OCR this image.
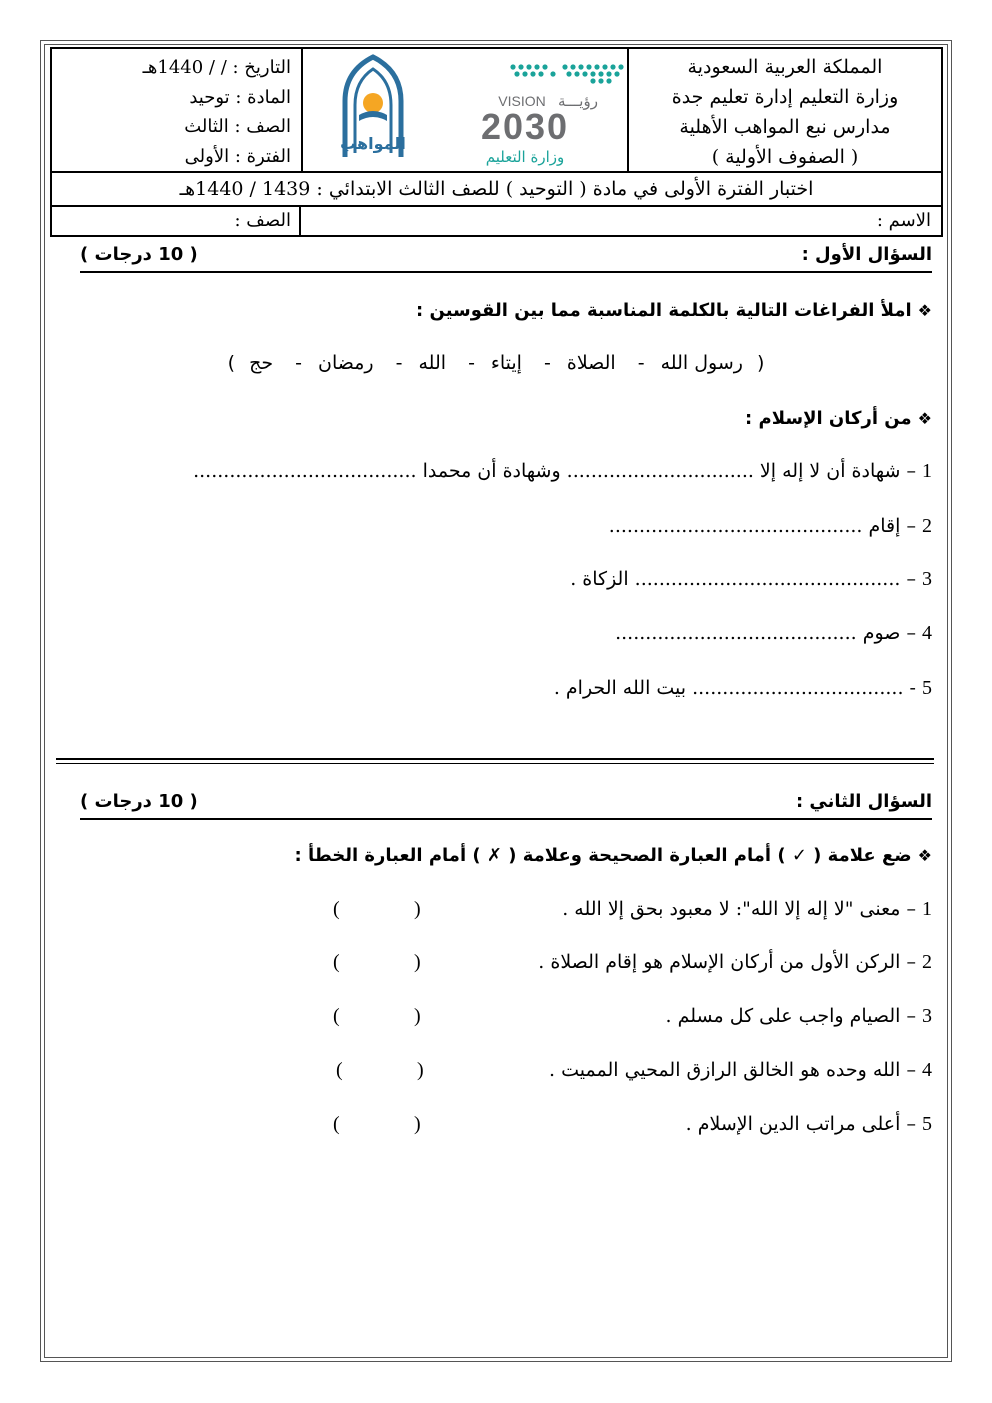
المملكة العربية السعودية
وزارة التعليم إدارة تعليم جدة
مدارس نبع المواهب الأهلية
( الصفوف الأولية )
VISION رؤيـــة
2030
وزارة التعليم
المواهب
التاريخ : / / 1440هـ
المادة : توحيد
الصف : الثالث
الفترة : الأولى
اختبار الفترة الأولى في مادة ( التوحيد ) للصف الثالث الابتدائي : 1439 / 1440هـ
الاسم :
الصف :
السؤال الأول :
( 10 درجات )
❖املأ الفراغات التالية بالكلمة المناسبة مما بين القوسين :
( رسول الله- الصلاة- إيتاء- الله- رمضان- حج )
❖من أركان الإسلام :
1 – شهادة أن لا إله إلا ............................... وشهادة أن محمدا .....................................
2 – إقام ..........................................
3 – ............................................ الزكاة .
4 – صوم ........................................
5 - ................................... بيت الله الحرام .
السؤال الثاني :
( 10 درجات )
❖ضع علامة ( ✓ ) أمام العبارة الصحيحة وعلامة ( ✗ ) أمام العبارة الخطأ :
1 – معنى "لا إله إلا الله": لا معبود بحق إلا الله .
2 – الركن الأول من أركان الإسلام هو إقام الصلاة .
3 – الصيام واجب على كل مسلم .
4 – الله وحده هو الخالق الرازق المحيي المميت .
5 – أعلى مراتب الدين الإسلام .
(
)
(
)
(
)
(
)
(
)
